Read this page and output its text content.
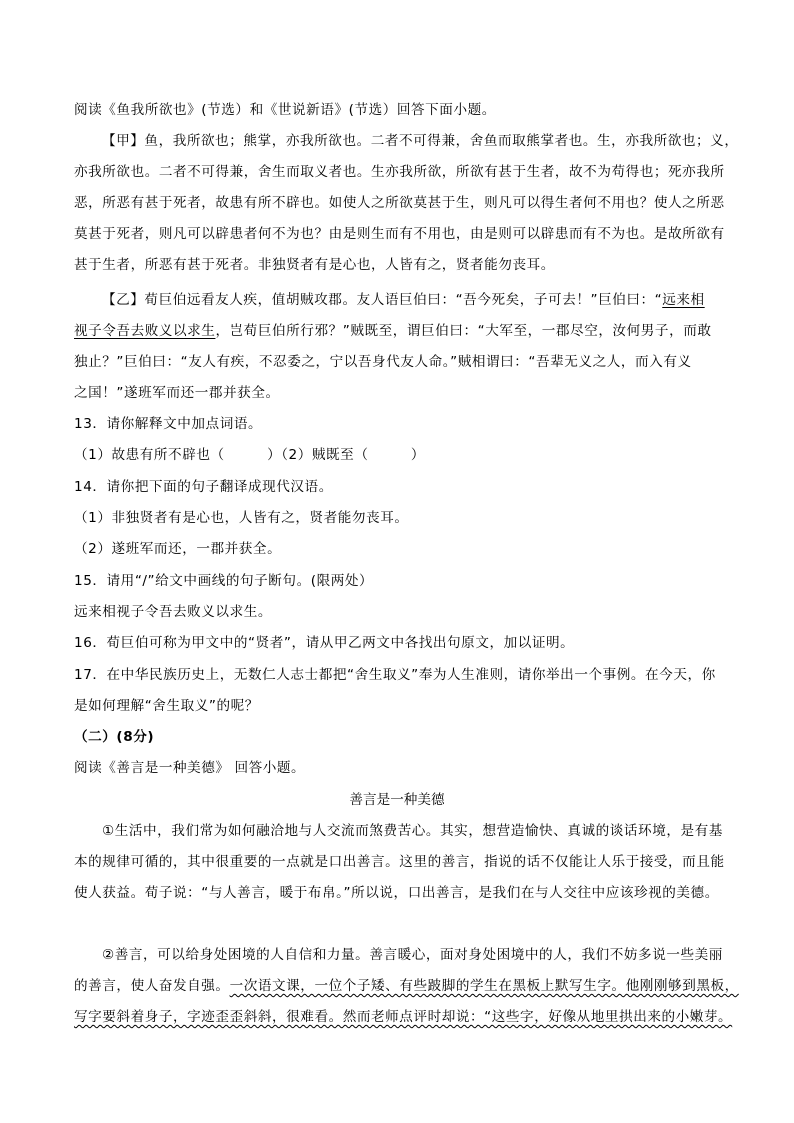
阅读《鱼我所欲也》(节选）和《世说新语》(节选）回答下面小题。
【甲】鱼，我所欲也；熊掌，亦我所欲也。二者不可得兼，舍鱼而取熊掌者也。生，亦我所欲也；义，
亦我所欲也。二者不可得兼，舍生而取义者也。生亦我所欲，所欲有甚于生者，故不为苟得也；死亦我所
恶，所恶有甚于死者，故患有所不辟也。如使人之所欲莫甚于生，则凡可以得生者何不用也？使人之所恶
莫甚于死者，则凡可以辟患者何不为也？由是则生而有不用也，由是则可以辟患而有不为也。是故所欲有
甚于生者，所恶有甚于死者。非独贤者有是心也，人皆有之，贤者能勿丧耳。
【乙】荀巨伯远看友人疾，值胡贼攻郡。友人语巨伯曰：“吾今死矣，子可去！”巨伯曰：“远来相
视子令吾去败义以求生，岂荀巨伯所行邪？”贼既至，谓巨伯曰：“大军至，一郡尽空，汝何男子，而敢
独止？”巨伯曰：“友人有疾，不忍委之，宁以吾身代友人命。”贼相谓曰：“吾辈无义之人，而入有义
之国！”遂班军而还一郡并获全。
13．请你解释文中加点词语。
（1）故患有所不辟也（　　　）（2）贼既至（　　　）
14．请你把下面的句子翻译成现代汉语。
（1）非独贤者有是心也，人皆有之，贤者能勿丧耳。
（2）遂班军而还，一郡并获全。
15．请用“/”给文中画线的句子断句。(限两处）
远来相视子令吾去败义以求生。
16．荀巨伯可称为甲文中的“贤者”，请从甲乙两文中各找出句原文，加以证明。
17．在中华民族历史上，无数仁人志士都把“舍生取义”奉为人生准则，请你举出一个事例。在今天，你
是如何理解“舍生取义”的呢？
（二）(8分)
阅读《善言是一种美德》 回答小题。
善言是一种美德
①生活中，我们常为如何融洽地与人交流而煞费苦心。其实，想营造愉快、真诚的谈话环境，是有基
本的规律可循的，其中很重要的一点就是口出善言。这里的善言，指说的话不仅能让人乐于接受，而且能
使人获益。荀子说：“与人善言，暖于布帛。”所以说，口出善言，是我们在与人交往中应该珍视的美德。
②善言，可以给身处困境的人自信和力量。善言暖心，面对身处困境中的人，我们不妨多说一些美丽
的善言，使人奋发自强。一次语文课，一位个子矮、有些跛脚的学生在黑板上默写生字。他刚刚够到黑板，
写字要斜着身子，字迹歪歪斜斜，很难看。然而老师点评时却说：“这些字，好像从地里拱出来的小嫩芽。
